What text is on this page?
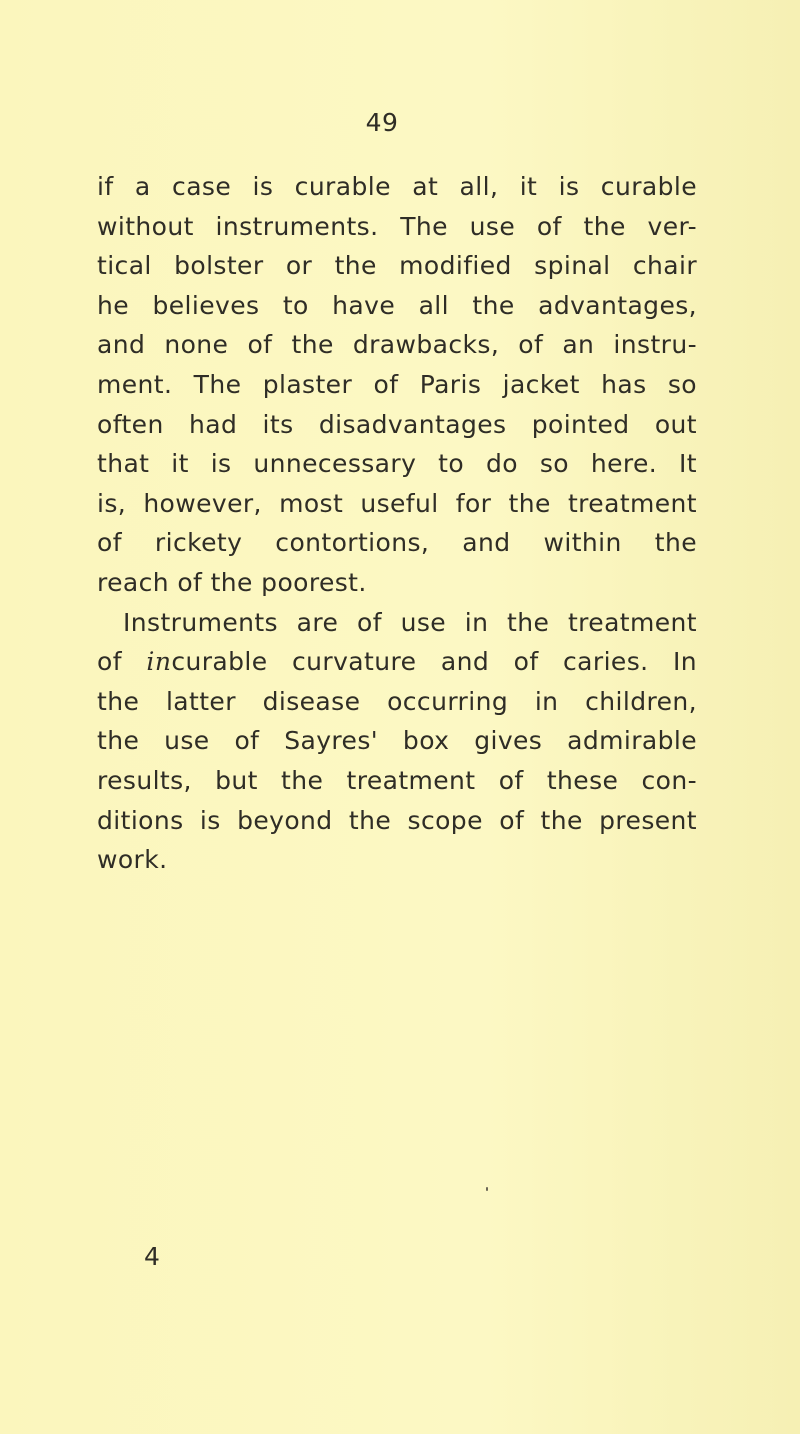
49
if a case is curable at all, it is curable
without instruments. The use of the ver-
tical bolster or the modified spinal chair
he believes to have all the advantages,
and none of the drawbacks, of an instru-
ment. The plaster of Paris jacket has so
often had its disadvantages pointed out
that it is unnecessary to do so here. It
is, however, most useful for the treatment
of rickety contortions, and within the
reach of the poorest.
Instruments are of use in the treatment
of incurable curvature and of caries. In
the latter disease occurring in children,
the use of Sayres' box gives admirable
results, but the treatment of these con-
ditions is beyond the scope of the present
work.
4
